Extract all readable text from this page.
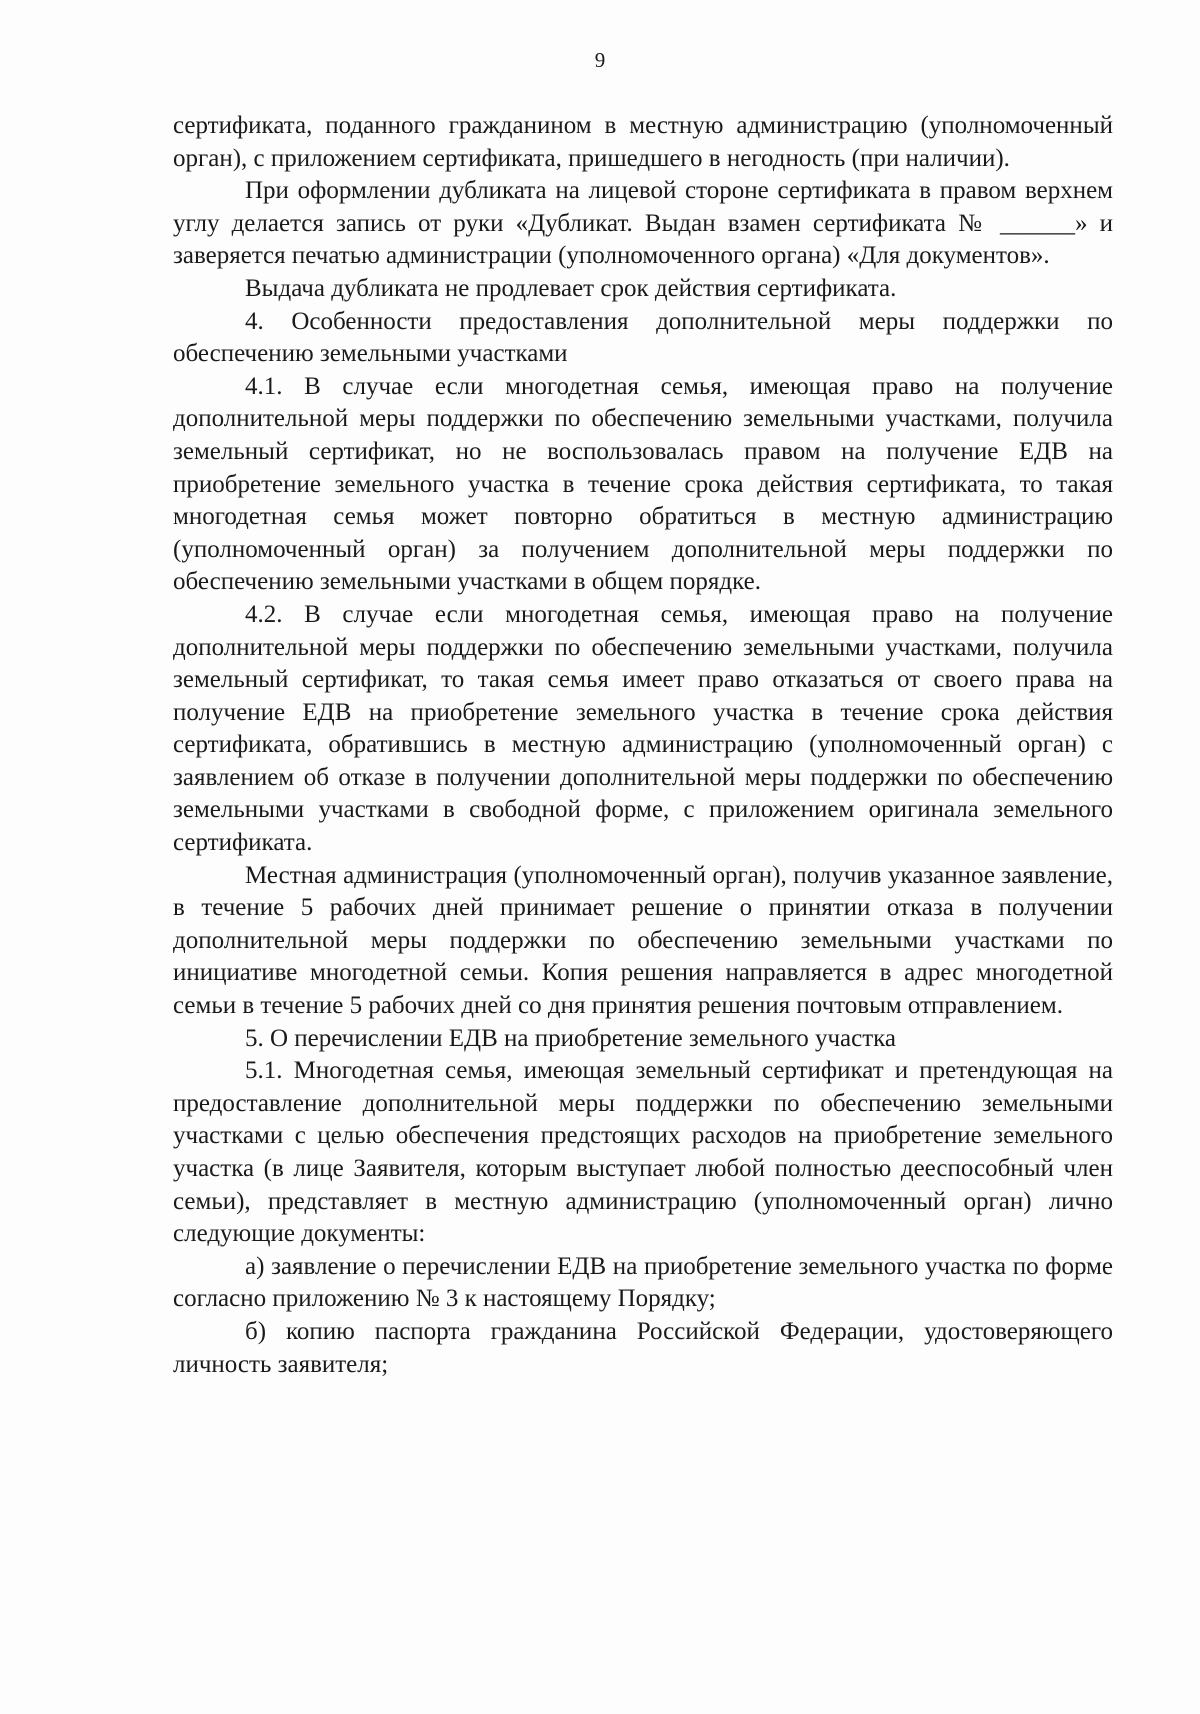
9

сертификата, поданного гражданином в местную администрацию (уполномоченный орган), с приложением сертификата, пришедшего в негодность (при наличии).

При оформлении дубликата на лицевой стороне сертификата в правом верхнем углу делается запись от руки «Дубликат. Выдан взамен сертификата № ______» и заверяется печатью администрации (уполномоченного органа) «Для документов».

Выдача дубликата не продлевает срок действия сертификата.

4. Особенности предоставления дополнительной меры поддержки по обеспечению земельными участками

4.1. В случае если многодетная семья, имеющая право на получение дополнительной меры поддержки по обеспечению земельными участками, получила земельный сертификат, но не воспользовалась правом на получение ЕДВ на приобретение земельного участка в течение срока действия сертификата, то такая многодетная семья может повторно обратиться в местную администрацию (уполномоченный орган) за получением дополнительной меры поддержки по обеспечению земельными участками в общем порядке.

4.2. В случае если многодетная семья, имеющая право на получение дополнительной меры поддержки по обеспечению земельными участками, получила земельный сертификат, то такая семья имеет право отказаться от своего права на получение ЕДВ на приобретение земельного участка в течение срока действия сертификата, обратившись в местную администрацию (уполномоченный орган) с заявлением об отказе в получении дополнительной меры поддержки по обеспечению земельными участками в свободной форме, с приложением оригинала земельного сертификата.

Местная администрация (уполномоченный орган), получив указанное заявление, в течение 5 рабочих дней принимает решение о принятии отказа в получении дополнительной меры поддержки по обеспечению земельными участками по инициативе многодетной семьи. Копия решения направляется в адрес многодетной семьи в течение 5 рабочих дней со дня принятия решения почтовым отправлением.

5. О перечислении ЕДВ на приобретение земельного участка

5.1. Многодетная семья, имеющая земельный сертификат и претендующая на предоставление дополнительной меры поддержки по обеспечению земельными участками с целью обеспечения предстоящих расходов на приобретение земельного участка (в лице Заявителя, которым выступает любой полностью дееспособный член семьи), представляет в местную администрацию (уполномоченный орган) лично следующие документы:

а) заявление о перечислении ЕДВ на приобретение земельного участка по форме согласно приложению № 3 к настоящему Порядку;

б) копию паспорта гражданина Российской Федерации, удостоверяющего личность заявителя;
